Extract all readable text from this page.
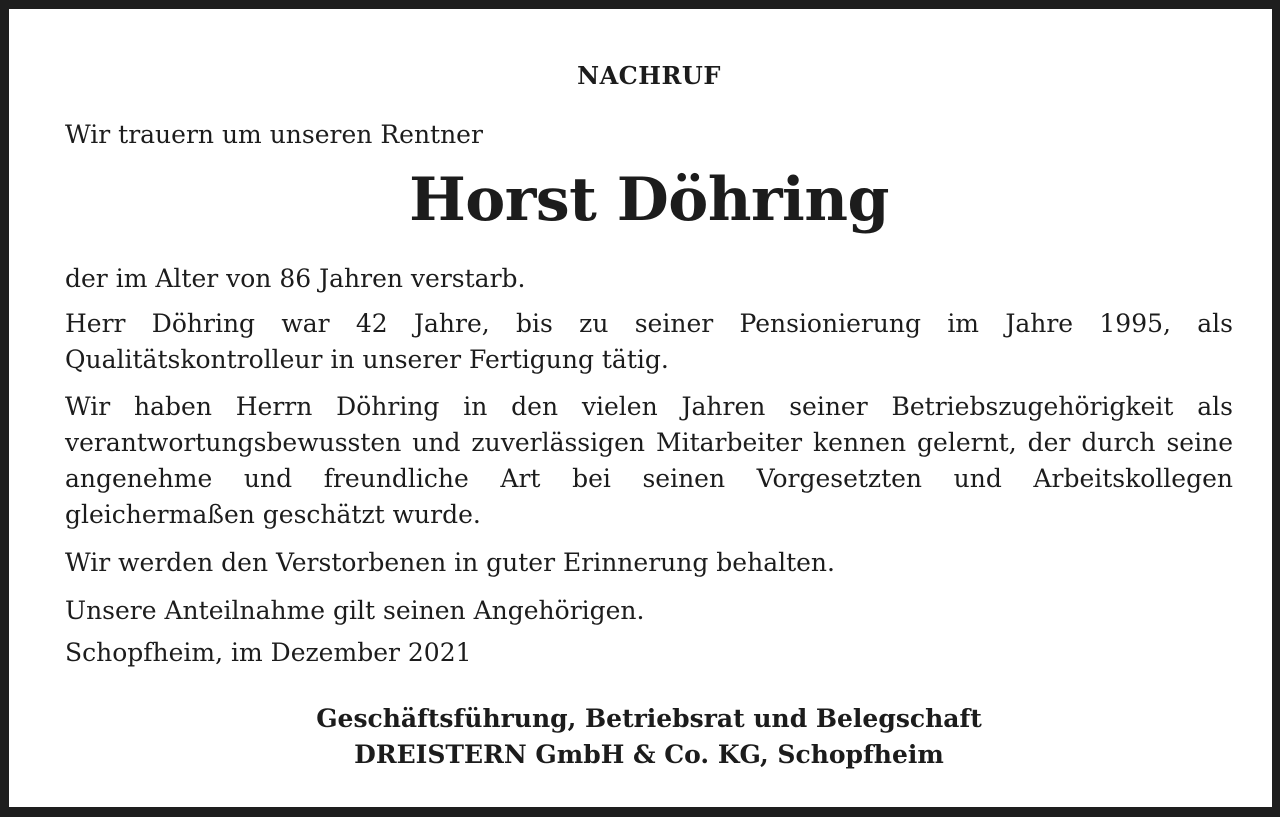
NACHRUF

Wir trauern um unseren Rentner

Horst Döhring

der im Alter von 86 Jahren verstarb.

Herr Döhring war 42 Jahre, bis zu seiner Pensionierung im Jahre 1995, als Qualitätskontrolleur in unserer Fertigung tätig.

Wir haben Herrn Döhring in den vielen Jahren seiner Betriebszugehörigkeit als verantwortungsbewussten und zuverlässigen Mitarbeiter kennen gelernt, der durch seine angenehme und freundliche Art bei seinen Vorgesetzten und Arbeitskollegen gleichermaßen geschätzt wurde.

Wir werden den Verstorbenen in guter Erinnerung behalten.

Unsere Anteilnahme gilt seinen Angehörigen.

Schopfheim, im Dezember 2021

Geschäftsführung, Betriebsrat und Belegschaft

DREISTERN GmbH & Co. KG, Schopfheim
